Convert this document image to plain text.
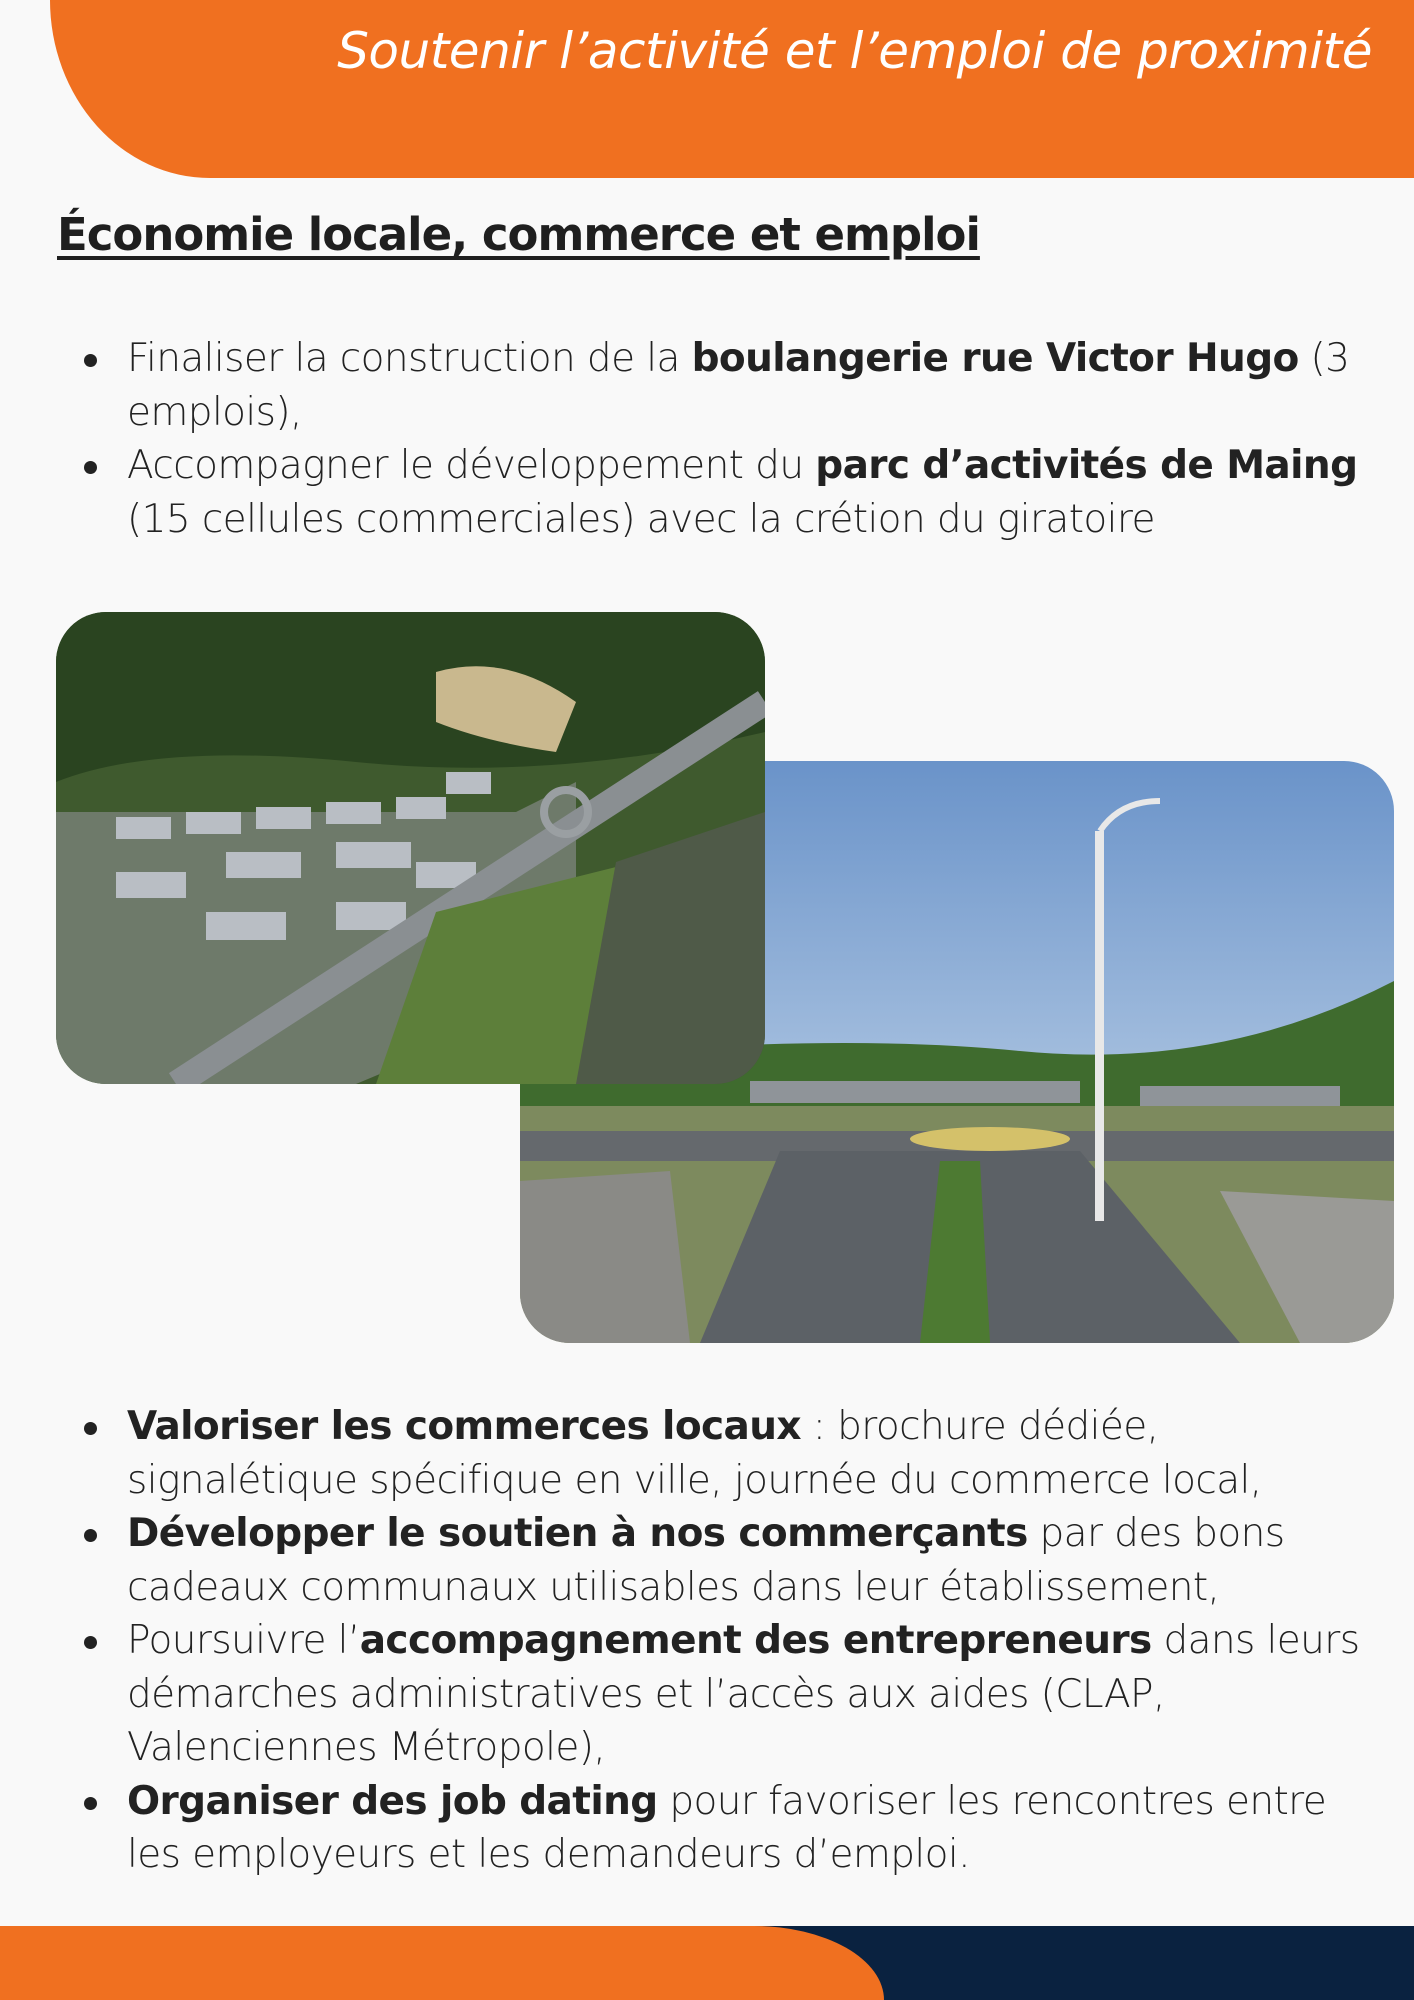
Soutenir l’activité et l’emploi de proximité
Économie locale, commerce et emploi
Finaliser la construction de la boulangerie rue Victor Hugo (3 emplois),
Accompagner le développement du parc d’activités de Maing (15 cellules commerciales) avec la crétion du giratoire
Valoriser les commerces locaux : brochure dédiée, signalétique spécifique en ville, journée du commerce local,
Développer le soutien à nos commerçants par des bons cadeaux communaux utilisables dans leur établissement,
Poursuivre l’accompagnement des entrepreneurs dans leurs démarches administratives et l’accès aux aides (CLAP, Valenciennes Métropole),
Organiser des job dating pour favoriser les rencontres entre les employeurs et les demandeurs d’emploi.
